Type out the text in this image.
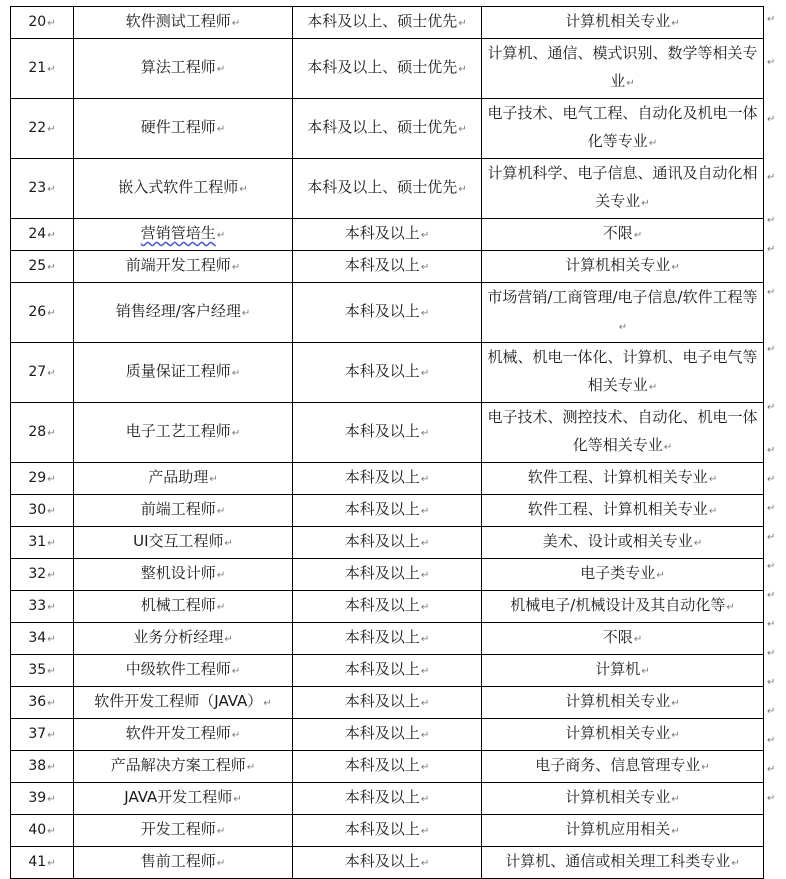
20↵	软件测试工程师↵	本科及以上、硕士优先↵	计算机相关专业↵
21↵	算法工程师↵	本科及以上、硕士优先↵	计算机、通信、模式识别、数学等相关专业↵
22↵	硬件工程师↵	本科及以上、硕士优先↵	电子技术、电气工程、自动化及机电一体化等专业↵
23↵	嵌入式软件工程师↵	本科及以上、硕士优先↵	计算机科学、电子信息、通讯及自动化相关专业↵
24↵	营销管培生↵	本科及以上↵	不限↵
25↵	前端开发工程师↵	本科及以上↵	计算机相关专业↵
26↵	销售经理/客户经理↵	本科及以上↵	市场营销/工商管理/电子信息/软件工程等↵
27↵	质量保证工程师↵	本科及以上↵	机械、机电一体化、计算机、电子电气等相关专业↵
28↵	电子工艺工程师↵	本科及以上↵	电子技术、测控技术、自动化、机电一体化等相关专业↵
29↵	产品助理↵	本科及以上↵	软件工程、计算机相关专业↵
30↵	前端工程师↵	本科及以上↵	软件工程、计算机相关专业↵
31↵	UI交互工程师↵	本科及以上↵	美术、设计或相关专业↵
32↵	整机设计师↵	本科及以上↵	电子类专业↵
33↵	机械工程师↵	本科及以上↵	机械电子/机械设计及其自动化等↵
34↵	业务分析经理↵	本科及以上↵	不限↵
35↵	中级软件工程师↵	本科及以上↵	计算机↵
36↵	软件开发工程师（JAVA）↵	本科及以上↵	计算机相关专业↵
37↵	软件开发工程师↵	本科及以上↵	计算机相关专业↵
38↵	产品解决方案工程师↵	本科及以上↵	电子商务、信息管理专业↵
39↵	JAVA开发工程师↵	本科及以上↵	计算机相关专业↵
40↵	开发工程师↵	本科及以上↵	计算机应用相关↵
41↵	售前工程师↵	本科及以上↵	计算机、通信或相关理工科类专业↵
↵
↵
↵
↵
↵
↵
↵
↵
↵
↵
↵
↵
↵
↵
↵
↵
↵
↵
↵
↵
↵
↵
